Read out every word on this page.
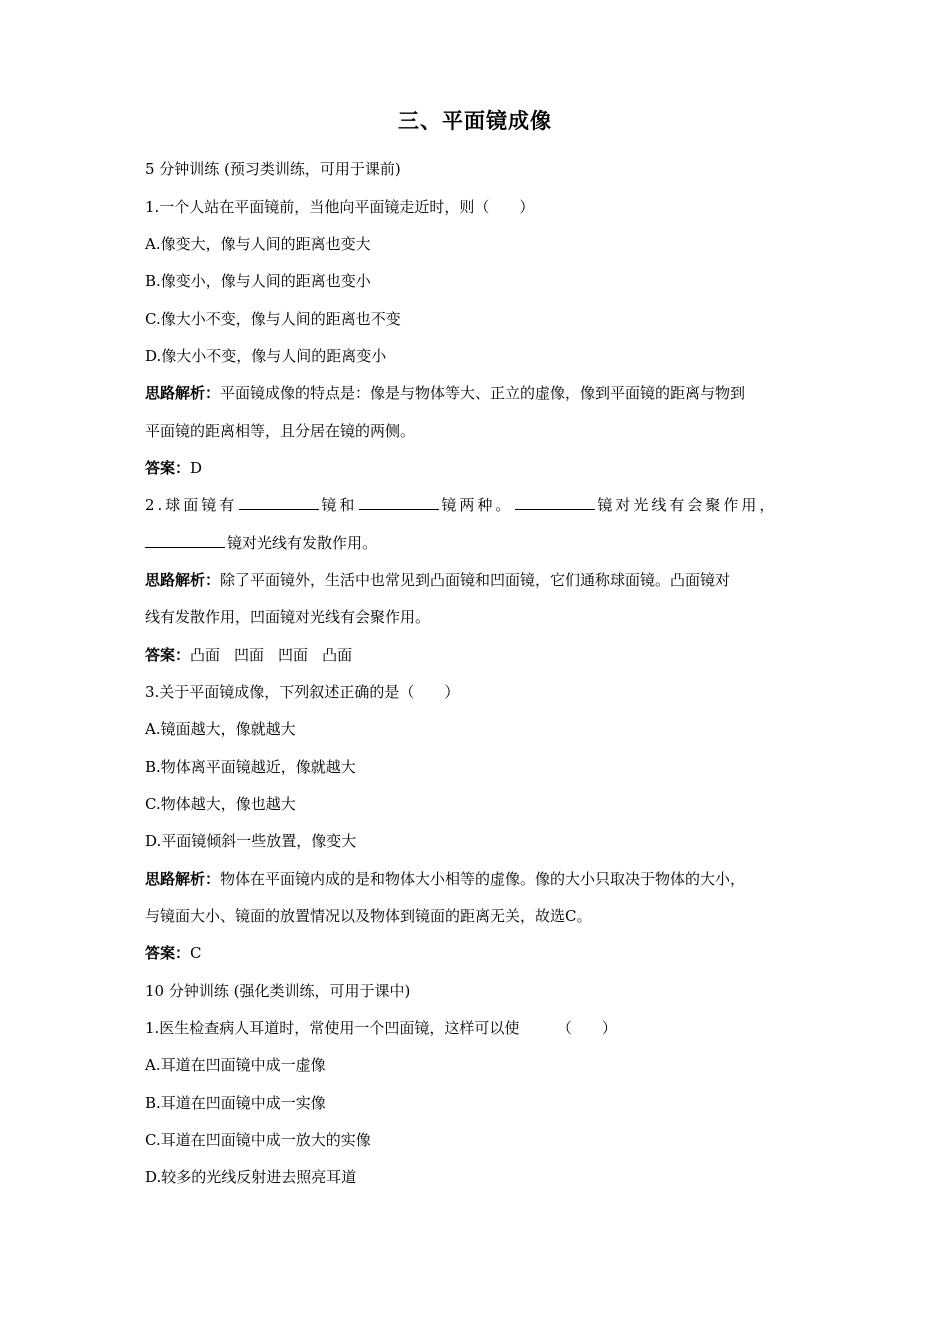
三、平面镜成像
5 分钟训练 (预习类训练，可用于课前)
1.一个人站在平面镜前，当他向平面镜走近时，则（　　）
A.像变大，像与人间的距离也变大
B.像变小，像与人间的距离也变小
C.像大小不变，像与人间的距离也不变
D.像大小不变，像与人间的距离变小
思路解析：平面镜成像的特点是：像是与物体等大、正立的虚像，像到平面镜的距离与物到
平面镜的距离相等，且分居在镜的两侧。
答案：D
2.球面镜有	镜和	镜两种。	镜对光线有会聚作用，
镜对光线有发散作用。
思路解析：除了平面镜外，生活中也常见到凸面镜和凹面镜，它们通称球面镜。凸面镜对
线有发散作用，凹面镜对光线有会聚作用。
答案：凸面 凹面 凹面 凸面
3.关于平面镜成像，下列叙述正确的是（　　）
A.镜面越大，像就越大
B.物体离平面镜越近，像就越大
C.物体越大，像也越大
D.平面镜倾斜一些放置，像变大
思路解析：物体在平面镜内成的是和物体大小相等的虚像。像的大小只取决于物体的大小，
与镜面大小、镜面的放置情况以及物体到镜面的距离无关，故选C。
答案：C
10 分钟训练 (强化类训练，可用于课中)
1.医生检查病人耳道时，常使用一个凹面镜，这样可以使　　　（　　）
A.耳道在凹面镜中成一虚像
B.耳道在凹面镜中成一实像
C.耳道在凹面镜中成一放大的实像
D.较多的光线反射进去照亮耳道
